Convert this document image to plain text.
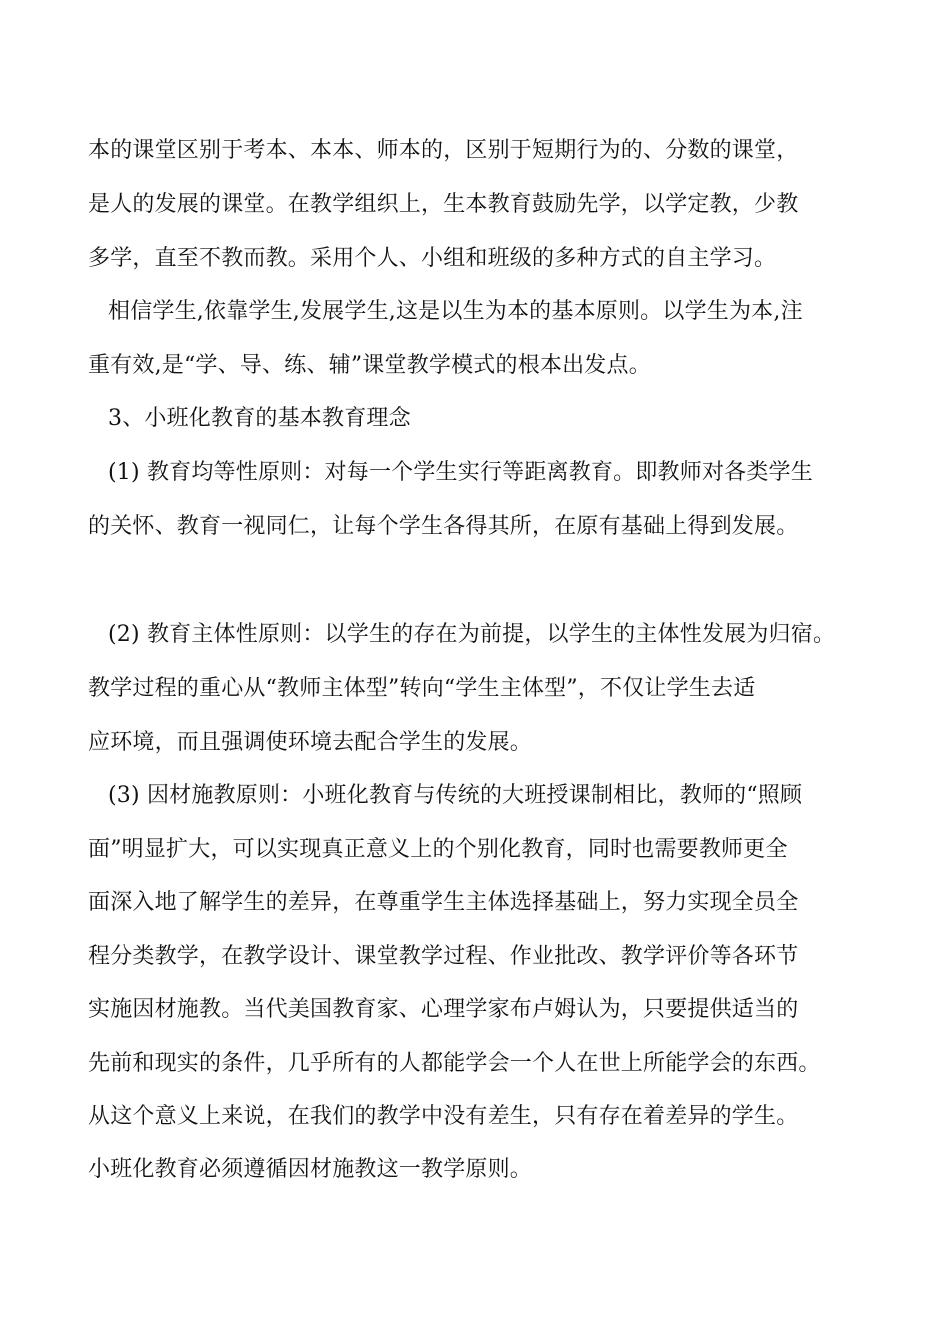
本的课堂区别于考本、本本、师本的，区别于短期行为的、分数的课堂，
是人的发展的课堂。在教学组织上，生本教育鼓励先学，以学定教，少教
多学，直至不教而教。采用个人、小组和班级的多种方式的自主学习。
相信学生,依靠学生,发展学生,这是以生为本的基本原则。以学生为本,注
重有效,是“学、导、练、辅”课堂教学模式的根本出发点。
3、小班化教育的基本教育理念
(1) 教育均等性原则：对每一个学生实行等距离教育。即教师对各类学生
的关怀、教育一视同仁，让每个学生各得其所，在原有基础上得到发展。
(2) 教育主体性原则：以学生的存在为前提，以学生的主体性发展为归宿。
教学过程的重心从“教师主体型”转向“学生主体型”，不仅让学生去适
应环境，而且强调使环境去配合学生的发展。
(3) 因材施教原则：小班化教育与传统的大班授课制相比，教师的“照顾
面”明显扩大，可以实现真正意义上的个别化教育，同时也需要教师更全
面深入地了解学生的差异，在尊重学生主体选择基础上，努力实现全员全
程分类教学，在教学设计、课堂教学过程、作业批改、教学评价等各环节
实施因材施教。当代美国教育家、心理学家布卢姆认为，只要提供适当的
先前和现实的条件，几乎所有的人都能学会一个人在世上所能学会的东西。
从这个意义上来说，在我们的教学中没有差生，只有存在着差异的学生。
小班化教育必须遵循因材施教这一教学原则。
